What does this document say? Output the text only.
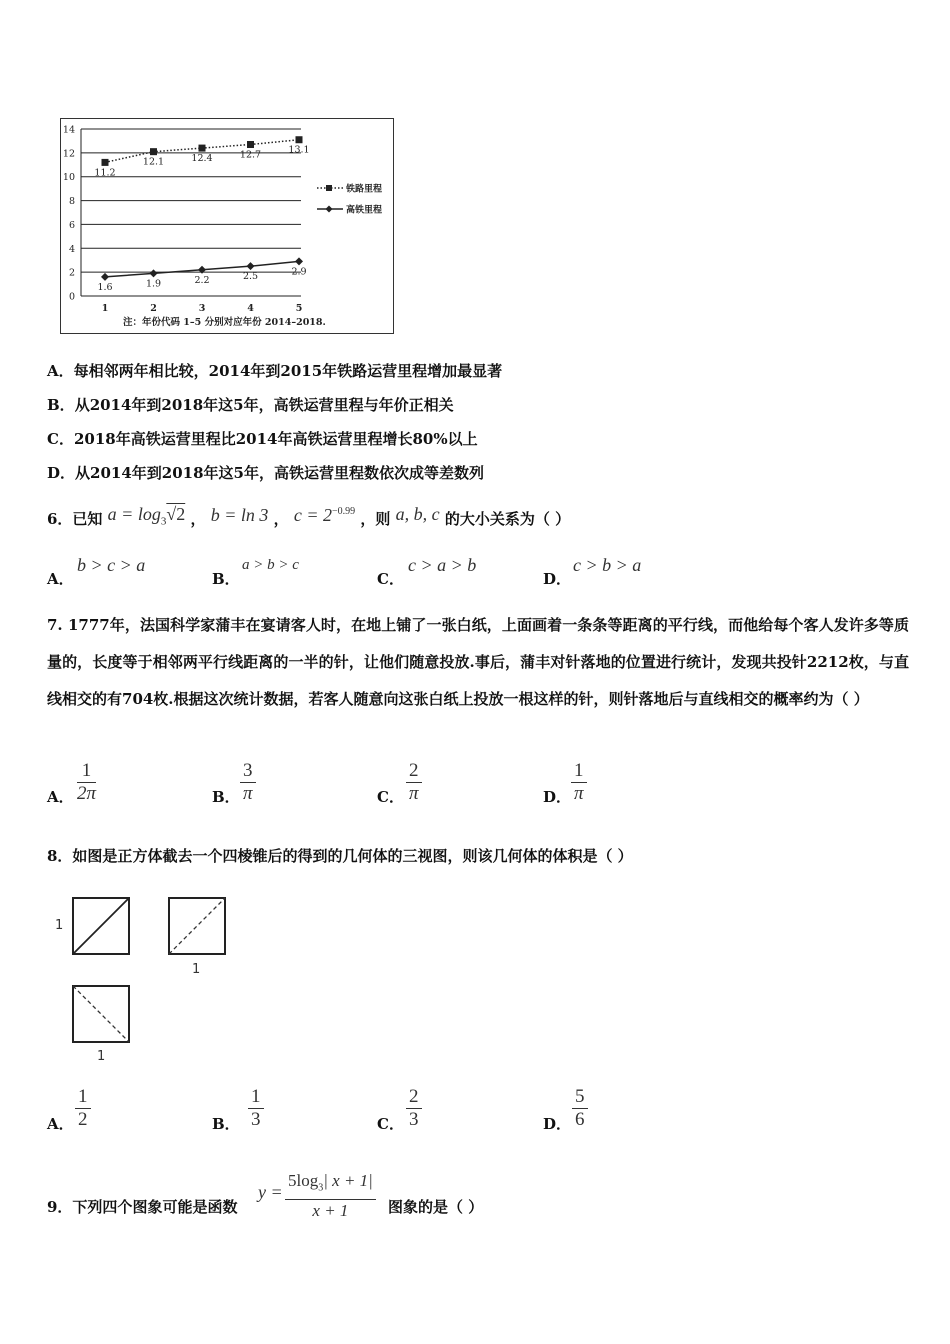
0
2
4
6
8
10
12
14
1	2	3	4	5
11.2
12.1	12.4	12.7	13.1
1.6	1.9	2.2	2.5	2.9
铁路里程
高铁里程
注：年份代码 1–5 分别对应年份 2014–2018.
A．每相邻两年相比较，2014年到2015年铁路运营里程增加最显著
B．从2014年到2018年这5年，高铁运营里程与年价正相关
C．2018年高铁运营里程比2014年高铁运营里程增长80%以上
D．从2014年到2018年这5年，高铁运营里程数依次成等差数列
6．已知 $a = \log_3√2$ ， b = ln 3 ， $c = 2^{-0.99}$ ，则 a, b, c 的大小关系为（ ）
A．
b > c > a
B．
a > b > c
C．
c > a > b
D．
c > b > a
7. 1777年，法国科学家蒲丰在宴请客人时，在地上铺了一张白纸，上面画着一条条等距离的平行线，而他给每个客人发许多等质量的，长度等于相邻两平行线距离的一半的针，让他们随意投放.事后，蒲丰对针落地的位置进行统计，发现共投针2212枚，与直线相交的有704枚.根据这次统计数据，若客人随意向这张白纸上投放一根这样的针，则针落地后与直线相交的概率约为（ ）
A．
1
2π	B．
3
π	C．
2
π	D．
1
π
8．如图是正方体截去一个四棱锥后的得到的几何体的三视图，则该几何体的体积是（ ）
1
1
1
A．
1
2	B．
1
3	C．
2
3	D．
5
6
9．下列四个图象可能是函数
y =
$5\log_3|$ x + 1|
x + 1	图象的是（ ）
